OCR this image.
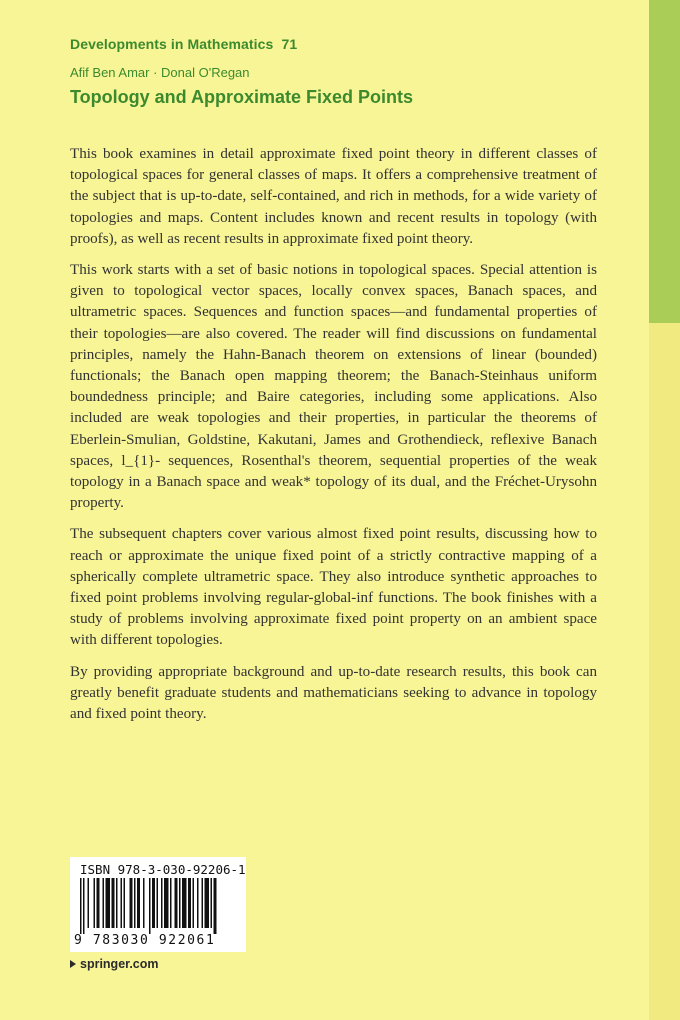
Developments in Mathematics 71
Afif Ben Amar · Donal O'Regan
Topology and Approximate Fixed Points

This book examines in detail approximate fixed point theory in different classes of topological spaces for general classes of maps. It offers a comprehensive treatment of the subject that is up-to-date, self-contained, and rich in methods, for a wide variety of topologies and maps. Content includes known and recent results in topology (with proofs), as well as recent results in approximate fixed point theory.

This work starts with a set of basic notions in topological spaces. Special attention is given to topological vector spaces, locally convex spaces, Banach spaces, and ultrametric spaces. Sequences and function spaces—and fundamental properties of their topologies—are also covered. The reader will find discussions on fundamental principles, namely the Hahn-Banach theorem on extensions of linear (bounded) functionals; the Banach open mapping theorem; the Banach-Steinhaus uniform boundedness principle; and Baire categories, including some applications. Also included are weak topologies and their properties, in particular the theorems of Eberlein-Smulian, Goldstine, Kakutani, James and Grothendieck, reflexive Banach spaces, l_{1}- sequences, Rosenthal's theorem, sequential properties of the weak topology in a Banach space and weak* topology of its dual, and the Fréchet-Urysohn property.

The subsequent chapters cover various almost fixed point results, discussing how to reach or approximate the unique fixed point of a strictly contractive mapping of a spherically complete ultrametric space. They also introduce synthetic approaches to fixed point problems involving regular-global-inf functions. The book finishes with a study of problems involving approximate fixed point property on an ambient space with different topologies.

By providing appropriate background and up-to-date research results, this book can greatly benefit graduate students and mathematicians seeking to advance in topology and fixed point theory.

ISBN 978-3-030-92206-1
9 783030 922061
springer.com
